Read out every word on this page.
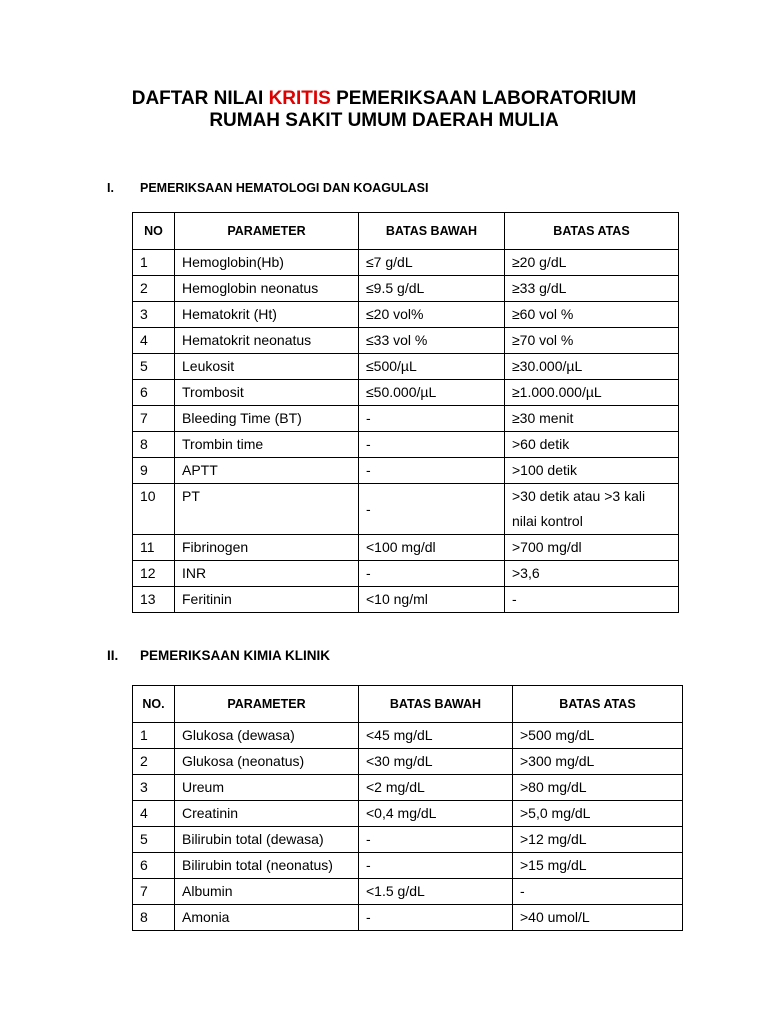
DAFTAR NILAI KRITIS PEMERIKSAAN LABORATORIUM
RUMAH SAKIT UMUM DAERAH MULIA
I. PEMERIKSAAN HEMATOLOGI DAN KOAGULASI
NO	PARAMETER	BATAS BAWAH	BATAS ATAS
1	Hemoglobin(Hb)	≤7 g/dL	≥20 g/dL
2	Hemoglobin neonatus	≤9.5 g/dL	≥33 g/dL
3	Hematokrit (Ht)	≤20 vol%	≥60 vol %
4	Hematokrit neonatus	≤33 vol %	≥70 vol %
5	Leukosit	≤500/µL	≥30.000/µL
6	Trombosit	≤50.000/µL	≥1.000.000/µL
7	Bleeding Time (BT)	-	≥30 menit
8	Trombin time	-	>60 detik
9	APTT	-	>100 detik
10	PT	-	>30 detik atau >3 kali nilai kontrol
11	Fibrinogen	<100 mg/dl	>700 mg/dl
12	INR	-	>3,6
13	Feritinin	<10 ng/ml	-
II. PEMERIKSAAN KIMIA KLINIK
NO.	PARAMETER	BATAS BAWAH	BATAS ATAS
1	Glukosa (dewasa)	<45 mg/dL	>500 mg/dL
2	Glukosa (neonatus)	<30 mg/dL	>300 mg/dL
3	Ureum	<2 mg/dL	>80 mg/dL
4	Creatinin	<0,4 mg/dL	>5,0 mg/dL
5	Bilirubin total (dewasa)	-	>12 mg/dL
6	Bilirubin total (neonatus)	-	>15 mg/dL
7	Albumin	<1.5 g/dL	-
8	Amonia	-	>40 umol/L
